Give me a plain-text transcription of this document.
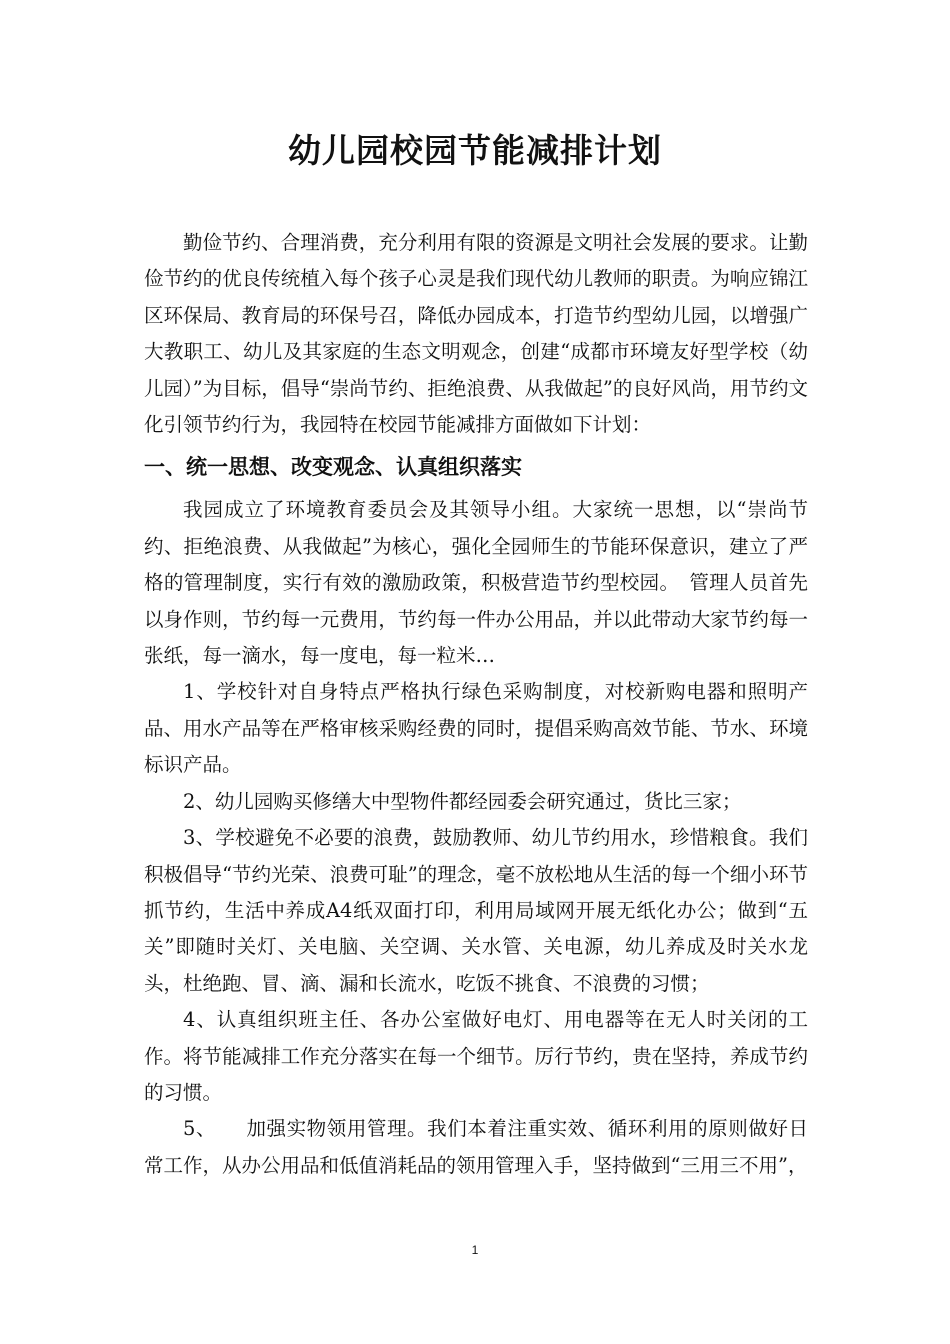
幼儿园校园节能减排计划

勤俭节约、合理消费，充分利用有限的资源是文明社会发展的要求。让勤俭节约的优良传统植入每个孩子心灵是我们现代幼儿教师的职责。为响应锦江区环保局、教育局的环保号召，降低办园成本，打造节约型幼儿园，以增强广大教职工、幼儿及其家庭的生态文明观念，创建“成都市环境友好型学校（幼儿园）”为目标，倡导“崇尚节约、拒绝浪费、从我做起”的良好风尚，用节约文化引领节约行为，我园特在校园节能减排方面做如下计划：

一、统一思想、改变观念、认真组织落实

我园成立了环境教育委员会及其领导小组。大家统一思想，以“崇尚节约、拒绝浪费、从我做起”为核心，强化全园师生的节能环保意识，建立了严格的管理制度，实行有效的激励政策，积极营造节约型校园。　管理人员首先以身作则，节约每一元费用，节约每一件办公用品，并以此带动大家节约每一张纸，每一滴水，每一度电，每一粒米…

1、学校针对自身特点严格执行绿色采购制度，对校新购电器和照明产品、用水产品等在严格审核采购经费的同时，提倡采购高效节能、节水、环境标识产品。

2、幼儿园购买修缮大中型物件都经园委会研究通过，货比三家；

3、学校避免不必要的浪费，鼓励教师、幼儿节约用水，珍惜粮食。我们积极倡导“节约光荣、浪费可耻”的理念，毫不放松地从生活的每一个细小环节抓节约，生活中养成A4纸双面打印，利用局域网开展无纸化办公；做到“五关”即随时关灯、关电脑、关空调、关水管、关电源，幼儿养成及时关水龙头，杜绝跑、冒、滴、漏和长流水，吃饭不挑食、不浪费的习惯；

4、认真组织班主任、各办公室做好电灯、用电器等在无人时关闭的工作。将节能减排工作充分落实在每一个细节。厉行节约，贵在坚持，养成节约的习惯。

5、　　加强实物领用管理。我们本着注重实效、循环利用的原则做好日常工作，从办公用品和低值消耗品的领用管理入手，坚持做到“三用三不用”，

1
